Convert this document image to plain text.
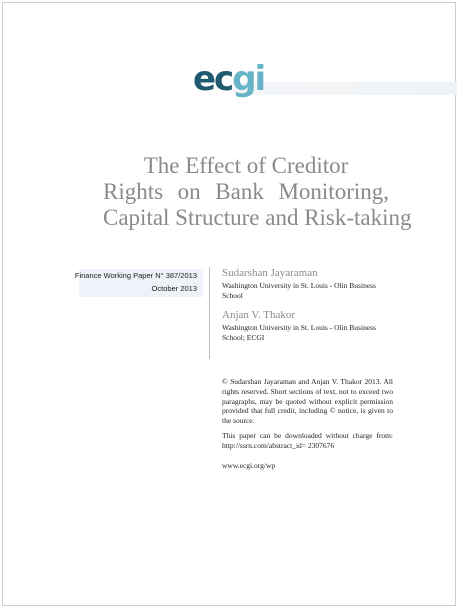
ecgi
The Effect of Creditor
Rights on Bank Monitoring,
Capital Structure and Risk-taking
Finance Working Paper N° 387/2013
October 2013
Sudarshan Jayaraman
Washington University in St. Louis - Olin Business School
Anjan V. Thakor
Washington University in St. Louis - Olin Business School; ECGI
© Sudarshan Jayaraman and Anjan V. Thakor 2013. All rights reserved. Short sections of text, not to exceed two paragraphs, may be quoted without explicit permission provided that full credit, including © notice, is given to the source.
This paper can be downloaded without charge from: http://ssrn.com/abstract_id= 2307676
www.ecgi.org/wp
